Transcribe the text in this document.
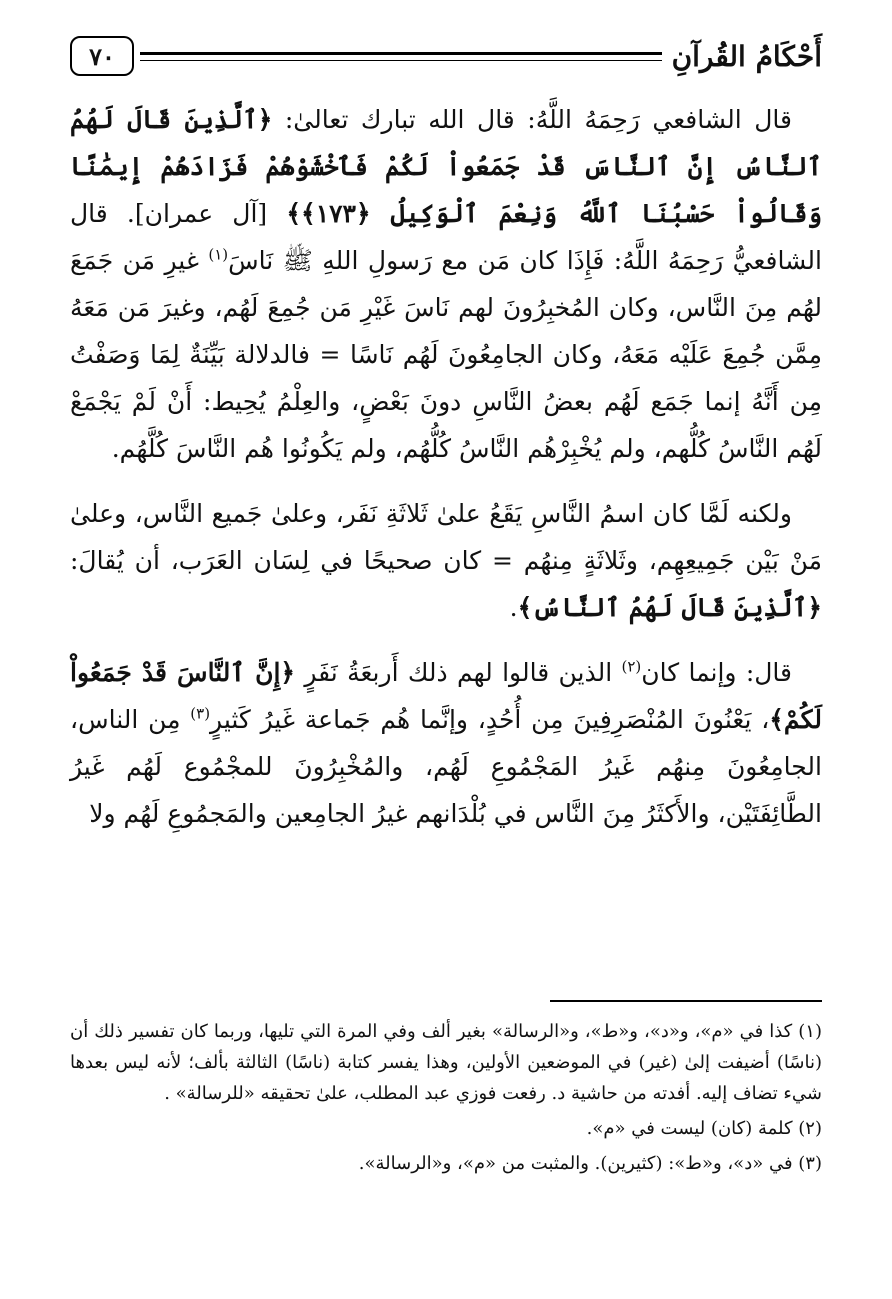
أَحْكَامُ القُرآنِ
٧٠

قال الشافعي رَحِمَهُ اللَّهُ: قال الله تبارك تعالىٰ: ﴿ٱلَّذِينَ قَالَ لَهُمُ ٱلنَّاسُ إِنَّ ٱلنَّاسَ قَدْ جَمَعُواْ لَكُمْ فَٱخْشَوْهُمْ فَزَادَهُمْ إِيمَٰنًا وَقَالُواْ حَسْبُنَا ٱللَّهُ وَنِعْمَ ٱلْوَكِيلُ ﴿١٧٣﴾﴾ [آل عمران]. قال الشافعيُّ رَحِمَهُ اللَّهُ: فَإِذَا كان مَن مع رَسولِ اللهِ ﷺ نَاسَ$^{(١)}$ غيرِ مَن جَمَعَ لهُم مِنَ النَّاس، وكان المُخبِرُونَ لهم نَاسَ غَيْرِ مَن جُمِعَ لَهُم، وغيرَ مَن مَعَهُ مِمَّن جُمِعَ عَلَيْه مَعَهُ، وكان الجامِعُونَ لَهُم نَاسًا = فالدلالة بَيِّنَةٌ لِمَا وَصَفْتُ مِن أَنَّهُ إنما جَمَع لَهُم بعضُ النَّاسِ دونَ بَعْضٍ، والعِلْمُ يُحِيط: أَنْ لَمْ يَجْمَعْ لَهُم النَّاسُ كُلُّهم، ولم يُخْبِرْهُم النَّاسُ كُلُّهُم، ولم يَكُونُوا هُم النَّاسَ كُلَّهُم.

ولكنه لَمَّا كان اسمُ النَّاسِ يَقَعُ علىٰ ثَلاثَةِ نَفَر، وعلىٰ جَميع النَّاس، وعلىٰ مَنْ بَيْن جَمِيعِهِم، وثَلاثَةٍ مِنهُم = كان صحيحًا في لِسَان العَرَب، أن يُقالَ: ﴿ٱلَّذِينَ قَالَ لَهُمُ ٱلنَّاسُ﴾.

قال: وإنما كان$^{(٢)}$ الذين قالوا لهم ذلك أَربعَةُ نَفَرٍ ﴿إِنَّ ٱلنَّاسَ قَدْ جَمَعُواْ لَكُمْ﴾، يَعْنُونَ المُنْصَرِفِينَ مِن أُحُدٍ، وإنَّما هُم جَماعة غَيرُ كَثيرٍ$^{(٣)}$ مِن الناس، الجامِعُونَ مِنهُم غَيرُ المَجْمُوعِ لَهُم، والمُخْبِرُونَ للمجْمُوع لَهُم غَيرُ الطَّائِفَتَيْن، والأَكثَرُ مِنَ النَّاس في بُلْدَانهم غيرُ الجامِعين والمَجمُوعِ لَهُم ولا

(١) كذا في «م»، و«د»، و«ط»، و«الرسالة» بغير ألف وفي المرة التي تليها، وربما كان تفسير ذلك أن (ناسًا) أضيفت إلىٰ (غير) في الموضعين الأولين، وهذا يفسر كتابة (ناسًا) الثالثة بألف؛ لأنه ليس بعدها شيء تضاف إليه. أفدته من حاشية د. رفعت فوزي عبد المطلب، علىٰ تحقيقه «للرسالة» .

(٢) كلمة (كان) ليست في «م».

(٣) في «د»، و«ط»: (كثيرين). والمثبت من «م»، و«الرسالة».
